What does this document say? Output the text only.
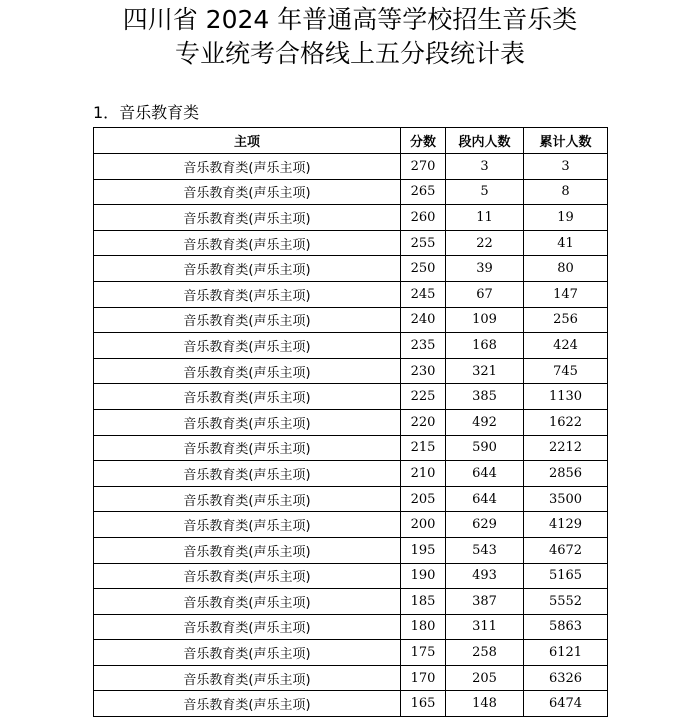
四川省 2024 年普通高等学校招生音乐类
专业统考合格线上五分段统计表
1．音乐教育类
主项	分数	段内人数	累计人数
音乐教育类(声乐主项)	270	3	3
音乐教育类(声乐主项)	265	5	8
音乐教育类(声乐主项)	260	11	19
音乐教育类(声乐主项)	255	22	41
音乐教育类(声乐主项)	250	39	80
音乐教育类(声乐主项)	245	67	147
音乐教育类(声乐主项)	240	109	256
音乐教育类(声乐主项)	235	168	424
音乐教育类(声乐主项)	230	321	745
音乐教育类(声乐主项)	225	385	1130
音乐教育类(声乐主项)	220	492	1622
音乐教育类(声乐主项)	215	590	2212
音乐教育类(声乐主项)	210	644	2856
音乐教育类(声乐主项)	205	644	3500
音乐教育类(声乐主项)	200	629	4129
音乐教育类(声乐主项)	195	543	4672
音乐教育类(声乐主项)	190	493	5165
音乐教育类(声乐主项)	185	387	5552
音乐教育类(声乐主项)	180	311	5863
音乐教育类(声乐主项)	175	258	6121
音乐教育类(声乐主项)	170	205	6326
音乐教育类(声乐主项)	165	148	6474
